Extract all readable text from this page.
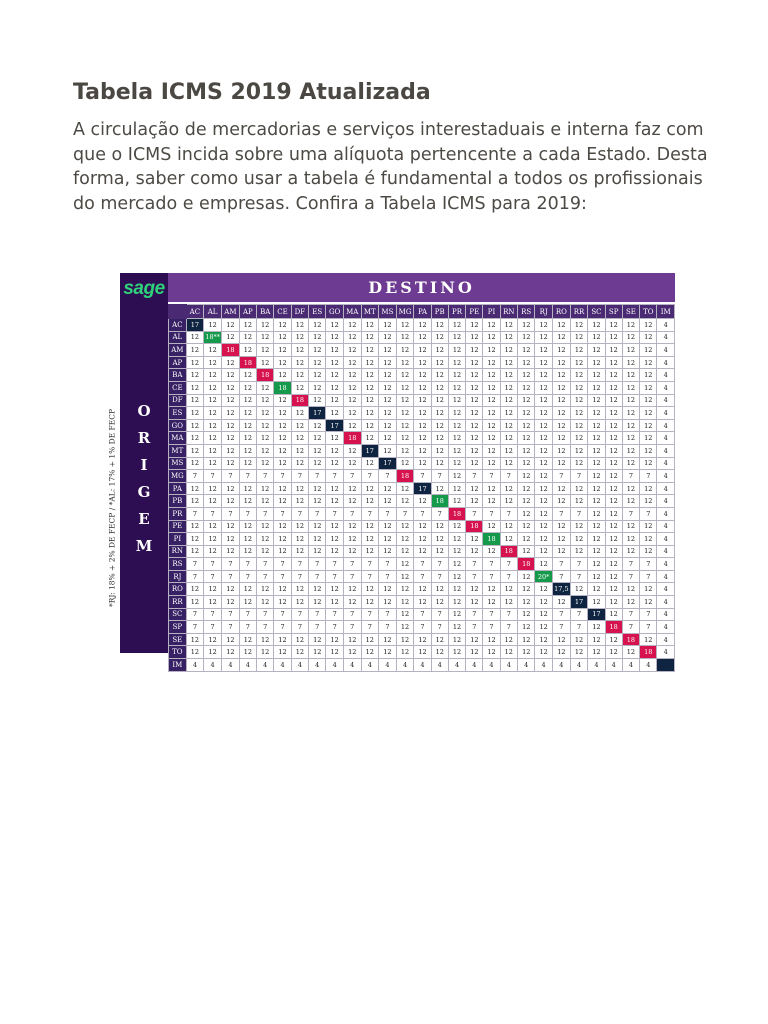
Tabela ICMS 2019 Atualizada

A circulação de mercadorias e serviços interestaduais e interna faz com que o ICMS incida sobre uma alíquota pertencente a cada Estado. Desta forma, saber como usar a tabela é fundamental a todos os profissionais do mercado e empresas. Confira a Tabela ICMS para 2019:

*RJ: 18% + 2% DE FECP / *AL: 17% + 1% DE FECP
sage	DESTINO
O
R
I
G
E
M
	AC	AL	AM	AP	BA	CE	DF	ES	GO	MA	MT	MS	MG	PA	PB	PR	PE	PI	RN	RS	RJ	RO	RR	SC	SP	SE	TO	IM
AC	17	12	12	12	12	12	12	12	12	12	12	12	12	12	12	12	12	12	12	12	12	12	12	12	12	12	12	4
AL	12	18**	12	12	12	12	12	12	12	12	12	12	12	12	12	12	12	12	12	12	12	12	12	12	12	12	12	4
AM	12	12	18	12	12	12	12	12	12	12	12	12	12	12	12	12	12	12	12	12	12	12	12	12	12	12	12	4
AP	12	12	12	18	12	12	12	12	12	12	12	12	12	12	12	12	12	12	12	12	12	12	12	12	12	12	12	4
BA	12	12	12	12	18	12	12	12	12	12	12	12	12	12	12	12	12	12	12	12	12	12	12	12	12	12	12	4
CE	12	12	12	12	12	18	12	12	12	12	12	12	12	12	12	12	12	12	12	12	12	12	12	12	12	12	12	4
DF	12	12	12	12	12	12	18	12	12	12	12	12	12	12	12	12	12	12	12	12	12	12	12	12	12	12	12	4
ES	12	12	12	12	12	12	12	17	12	12	12	12	12	12	12	12	12	12	12	12	12	12	12	12	12	12	12	4
GO	12	12	12	12	12	12	12	12	17	12	12	12	12	12	12	12	12	12	12	12	12	12	12	12	12	12	12	4
MA	12	12	12	12	12	12	12	12	12	18	12	12	12	12	12	12	12	12	12	12	12	12	12	12	12	12	12	4
MT	12	12	12	12	12	12	12	12	12	12	17	12	12	12	12	12	12	12	12	12	12	12	12	12	12	12	12	4
MS	12	12	12	12	12	12	12	12	12	12	12	17	12	12	12	12	12	12	12	12	12	12	12	12	12	12	12	4
MG	7	7	7	7	7	7	7	7	7	7	7	7	18	7	7	12	7	7	7	12	12	7	7	12	12	7	7	4
PA	12	12	12	12	12	12	12	12	12	12	12	12	12	17	12	12	12	12	12	12	12	12	12	12	12	12	12	4
PB	12	12	12	12	12	12	12	12	12	12	12	12	12	12	18	12	12	12	12	12	12	12	12	12	12	12	12	4
PR	7	7	7	7	7	7	7	7	7	7	7	7	7	7	7	18	7	7	7	12	12	7	7	12	12	7	7	4
PE	12	12	12	12	12	12	12	12	12	12	12	12	12	12	12	12	18	12	12	12	12	12	12	12	12	12	12	4
PI	12	12	12	12	12	12	12	12	12	12	12	12	12	12	12	12	12	18	12	12	12	12	12	12	12	12	12	4
RN	12	12	12	12	12	12	12	12	12	12	12	12	12	12	12	12	12	12	18	12	12	12	12	12	12	12	12	4
RS	7	7	7	7	7	7	7	7	7	7	7	7	12	7	7	12	7	7	7	18	12	7	7	12	12	7	7	4
RJ	7	7	7	7	7	7	7	7	7	7	7	7	12	7	7	12	7	7	7	12	20*	7	7	12	12	7	7	4
RO	12	12	12	12	12	12	12	12	12	12	12	12	12	12	12	12	12	12	12	12	12	17,5	12	12	12	12	12	4
RR	12	12	12	12	12	12	12	12	12	12	12	12	12	12	12	12	12	12	12	12	12	12	17	12	12	12	12	4
SC	7	7	7	7	7	7	7	7	7	7	7	7	12	7	7	12	7	7	7	12	12	7	7	17	12	7	7	4
SP	7	7	7	7	7	7	7	7	7	7	7	7	12	7	7	12	7	7	7	12	12	7	7	12	18	7	7	4
SE	12	12	12	12	12	12	12	12	12	12	12	12	12	12	12	12	12	12	12	12	12	12	12	12	12	18	12	4
TO	12	12	12	12	12	12	12	12	12	12	12	12	12	12	12	12	12	12	12	12	12	12	12	12	12	12	18	4
IM	4	4	4	4	4	4	4	4	4	4	4	4	4	4	4	4	4	4	4	4	4	4	4	4	4	4	4	
